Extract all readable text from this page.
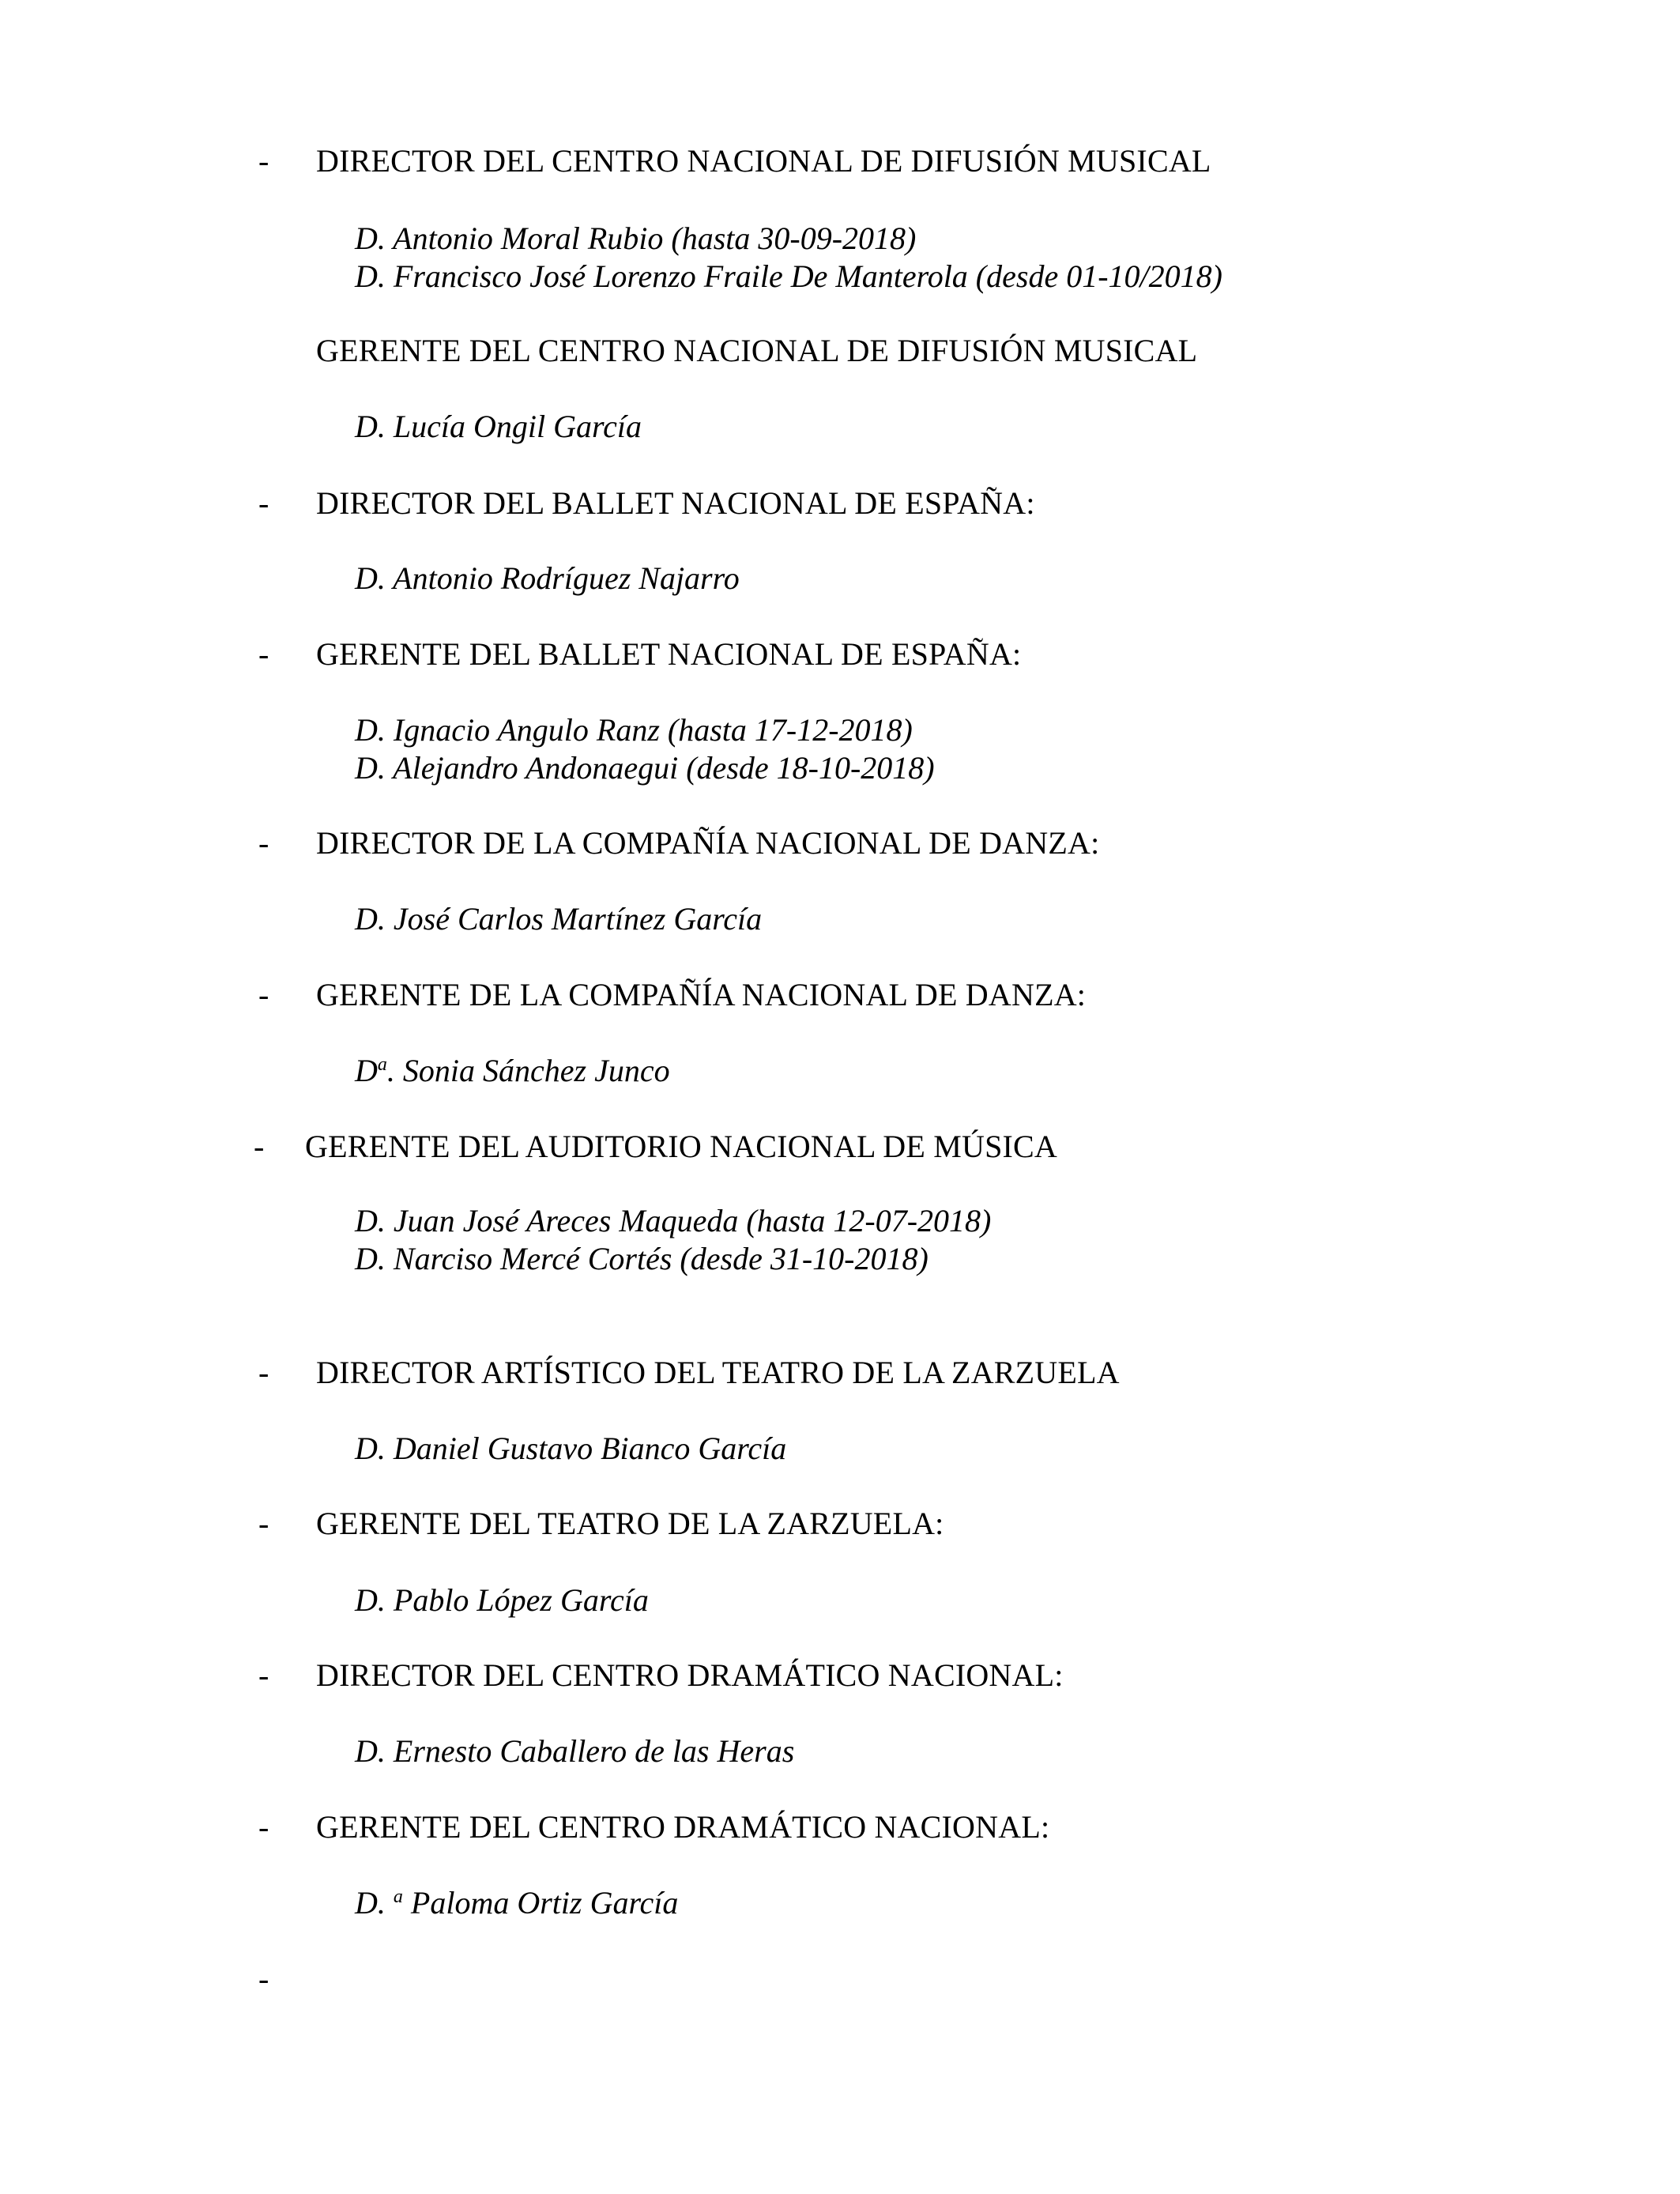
- DIRECTOR DEL CENTRO NACIONAL DE DIFUSIÓN MUSICAL
D. Antonio Moral Rubio (hasta 30-09-2018)
D. Francisco José Lorenzo Fraile De Manterola (desde 01-10/2018)
GERENTE DEL CENTRO NACIONAL DE DIFUSIÓN MUSICAL
D. Lucía Ongil García
- DIRECTOR DEL BALLET NACIONAL DE ESPAÑA:
D. Antonio Rodríguez Najarro
- GERENTE DEL BALLET NACIONAL DE ESPAÑA:
D. Ignacio Angulo Ranz (hasta 17-12-2018)
D. Alejandro Andonaegui (desde 18-10-2018)
- DIRECTOR DE LA COMPAÑÍA NACIONAL DE DANZA:
D. José Carlos Martínez García
- GERENTE DE LA COMPAÑÍA NACIONAL DE DANZA:
$D^a$. Sonia Sánchez Junco
- GERENTE DEL AUDITORIO NACIONAL DE MÚSICA
D. Juan José Areces Maqueda (hasta 12-07-2018)
D. Narciso Mercé Cortés (desde 31-10-2018)
- DIRECTOR ARTÍSTICO DEL TEATRO DE LA ZARZUELA
D. Daniel Gustavo Bianco García
- GERENTE DEL TEATRO DE LA ZARZUELA:
D. Pablo López García
- DIRECTOR DEL CENTRO DRAMÁTICO NACIONAL:
D. Ernesto Caballero de las Heras
- GERENTE DEL CENTRO DRAMÁTICO NACIONAL:
D. $^a$ Paloma Ortiz García
-
